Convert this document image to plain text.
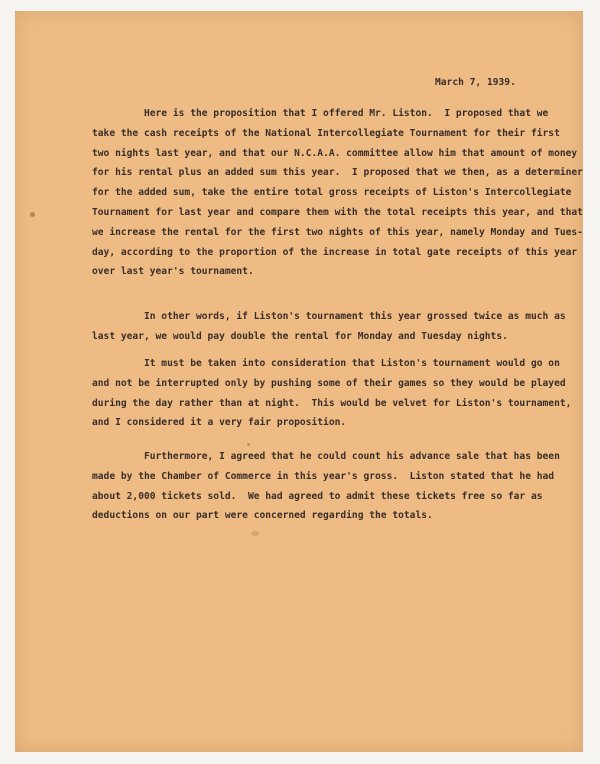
March 7, 1939.
Here is the proposition that I offered Mr. Liston.  I proposed that we
take the cash receipts of the National Intercollegiate Tournament for their first
two nights last year, and that our N.C.A.A. committee allow him that amount of money
for his rental plus an added sum this year.  I proposed that we then, as a determiner
for the added sum, take the entire total gross receipts of Liston's Intercollegiate
Tournament for last year and compare them with the total receipts this year, and that
we increase the rental for the first two nights of this year, namely Monday and Tues-
day, according to the proportion of the increase in total gate receipts of this year
over last year's tournament.
In other words, if Liston's tournament this year grossed twice as much as
last year, we would pay double the rental for Monday and Tuesday nights.
It must be taken into consideration that Liston's tournament would go on
and not be interrupted only by pushing some of their games so they would be played
during the day rather than at night.  This would be velvet for Liston's tournament,
and I considered it a very fair proposition.
Furthermore, I agreed that he could count his advance sale that has been
made by the Chamber of Commerce in this year's gross.  Liston stated that he had
about 2,000 tickets sold.  We had agreed to admit these tickets free so far as
deductions on our part were concerned regarding the totals.
